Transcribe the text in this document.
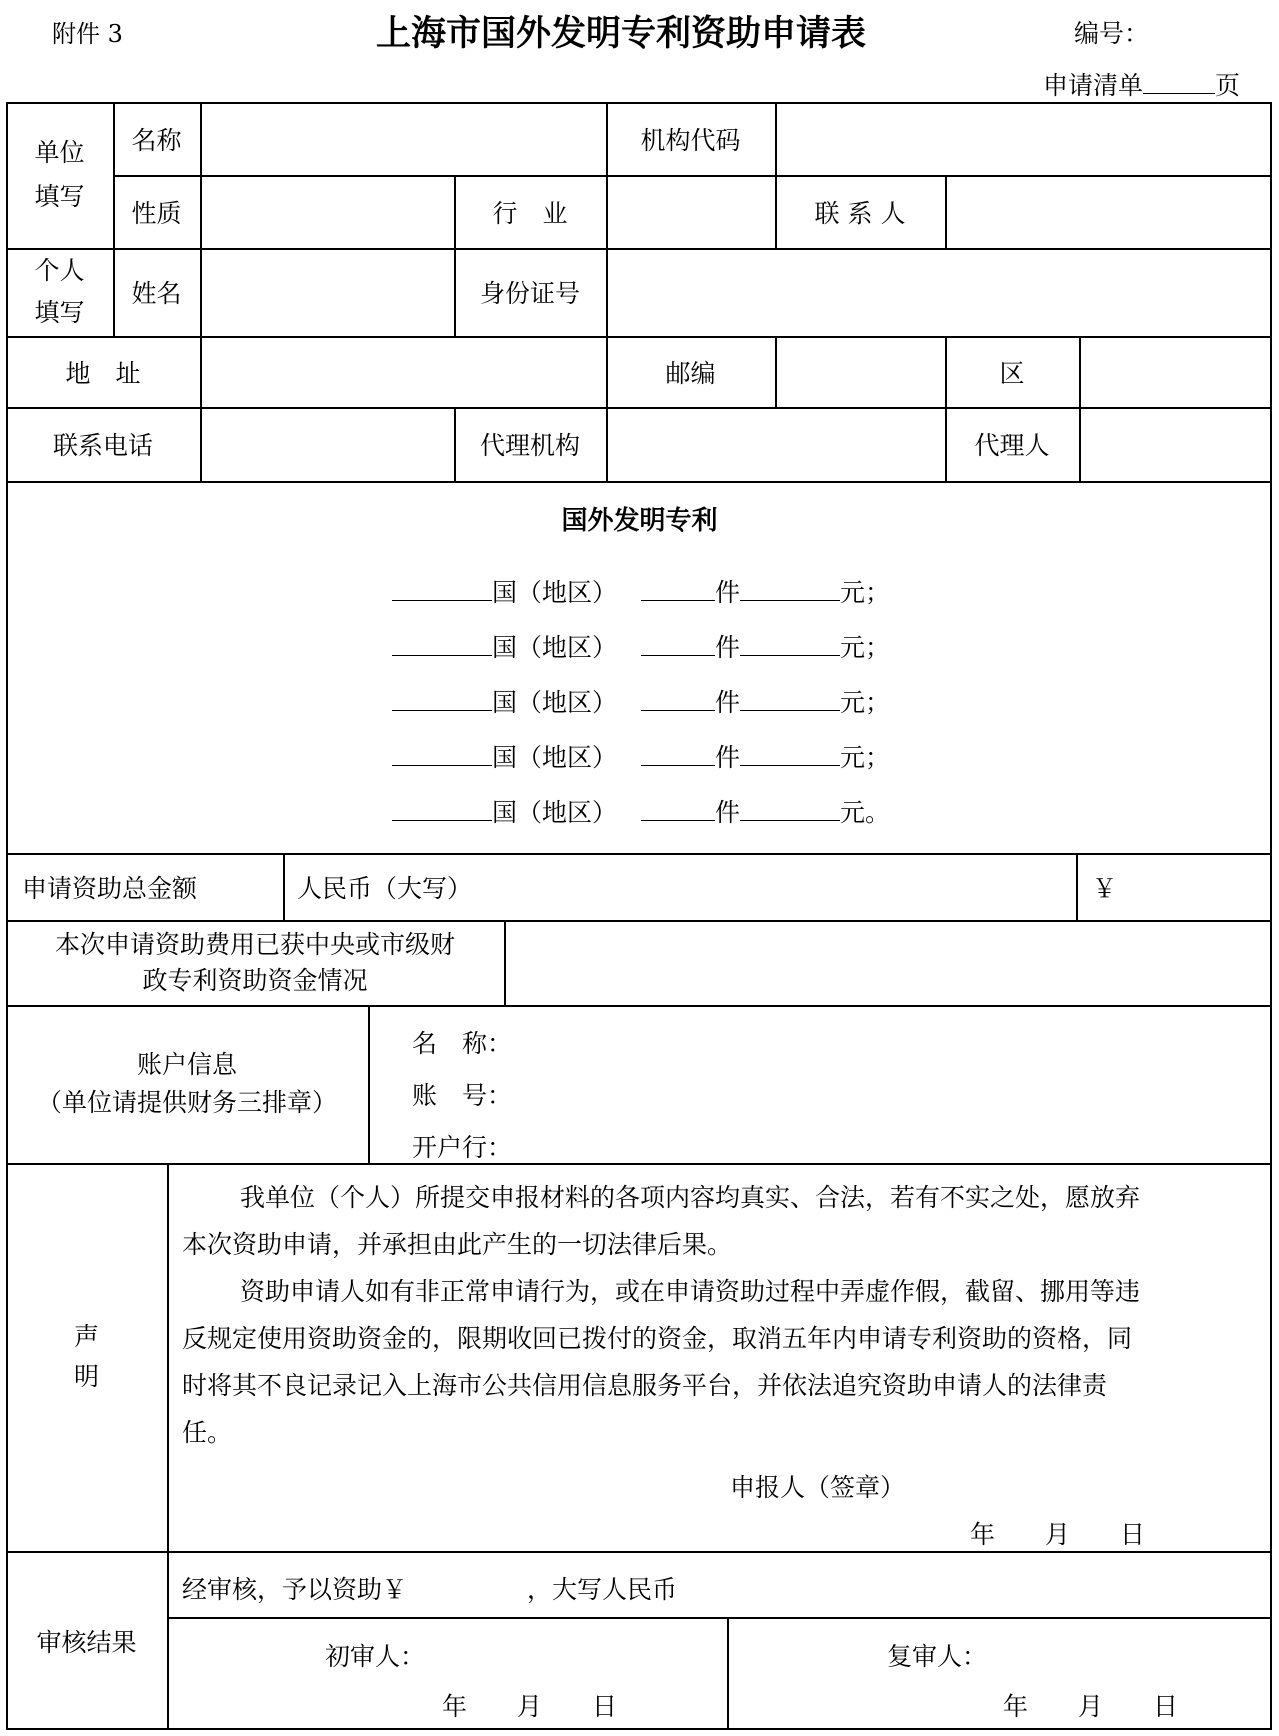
附件 3	上海市国外发明专利资助申请表	编号：
申请清单	页
单位
填写
名称	机构代码
性质	行　业	联 系 人
个人
填写
姓名	身份证号
地　址	邮编	区
联系电话	代理机构	代理人
国外发明专利
国（地区）	件	元；
国（地区）	件	元；
国（地区）	件	元；
国（地区）	件	元；
国（地区）	件	元。
申请资助总金额	人民币（大写）	￥
本次申请资助费用已获中央或市级财
政专利资助资金情况
账户信息
（单位请提供财务三排章）
名　称：
账　号：
开户行：
声
明
我单位（个人）所提交申报材料的各项内容均真实、合法，若有不实之处，愿放弃
本次资助申请，并承担由此产生的一切法律后果。
资助申请人如有非正常申请行为，或在申请资助过程中弄虚作假，截留、挪用等违
反规定使用资助资金的，限期收回已拨付的资金，取消五年内申请专利资助的资格，同
时将其不良记录记入上海市公共信用信息服务平台，并依法追究资助申请人的法律责
任。
申报人（签章）
年　　月　　日
审核结果
经审核，予以资助￥	，大写人民币
初审人：
年　　月　　日
复审人：
年　　月　　日
